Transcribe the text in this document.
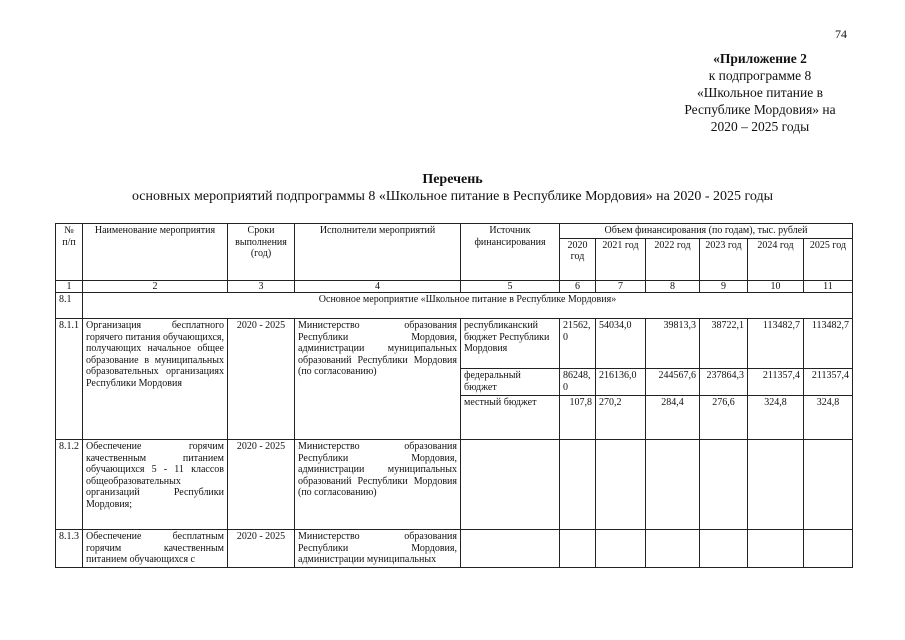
74
«Приложение 2
к подпрограмме 8
«Школьное питание в
Республике Мордовия» на
2020 – 2025 годы
Перечень
основных мероприятий подпрограммы 8 «Школьное питание в Республике Мордовия» на 2020 - 2025 годы
№ п/п	Наименование мероприятия	Сроки выполнения (год)	Исполнители мероприятий	Источник финансирования	Объем финансирования (по годам), тыс. рублей					
					2020 год	2021 год	2022 год	2023 год	2024 год	2025 год
1	2	3	4	5	6	7	8	9	10	11
8.1	Основное мероприятие «Школьное питание в Республике Мордовия»									
8.1.1	Организация бесплатного горячего питания обучающихся, получающих начальное общее образование в муниципальных образовательных организациях Республики Мордовия	2020 - 2025	Министерство образования Республики Мордовия, администрации муниципальных образований Республики Мордовия (по согласованию)	республиканский бюджет Республики Мордовия	21562,0	54034,0	39813,3	38722,1	113482,7	113482,7
				федеральный бюджет	86248,0	216136,0	244567,6	237864,3	211357,4	211357,4
				местный бюджет	107,8	270,2	284,4	276,6	324,8	324,8
8.1.2	Обеспечение горячим качественным питанием обучающихся 5 - 11 классов общеобразовательных организаций Республики Мордовия;	2020 - 2025	Министерство образования Республики Мордовия, администрации муниципальных образований Республики Мордовия (по согласованию)							
8.1.3	Обеспечение бесплатным горячим качественным питанием обучающихся с	2020 - 2025	Министерство образования Республики Мордовия, администрации муниципальных							
